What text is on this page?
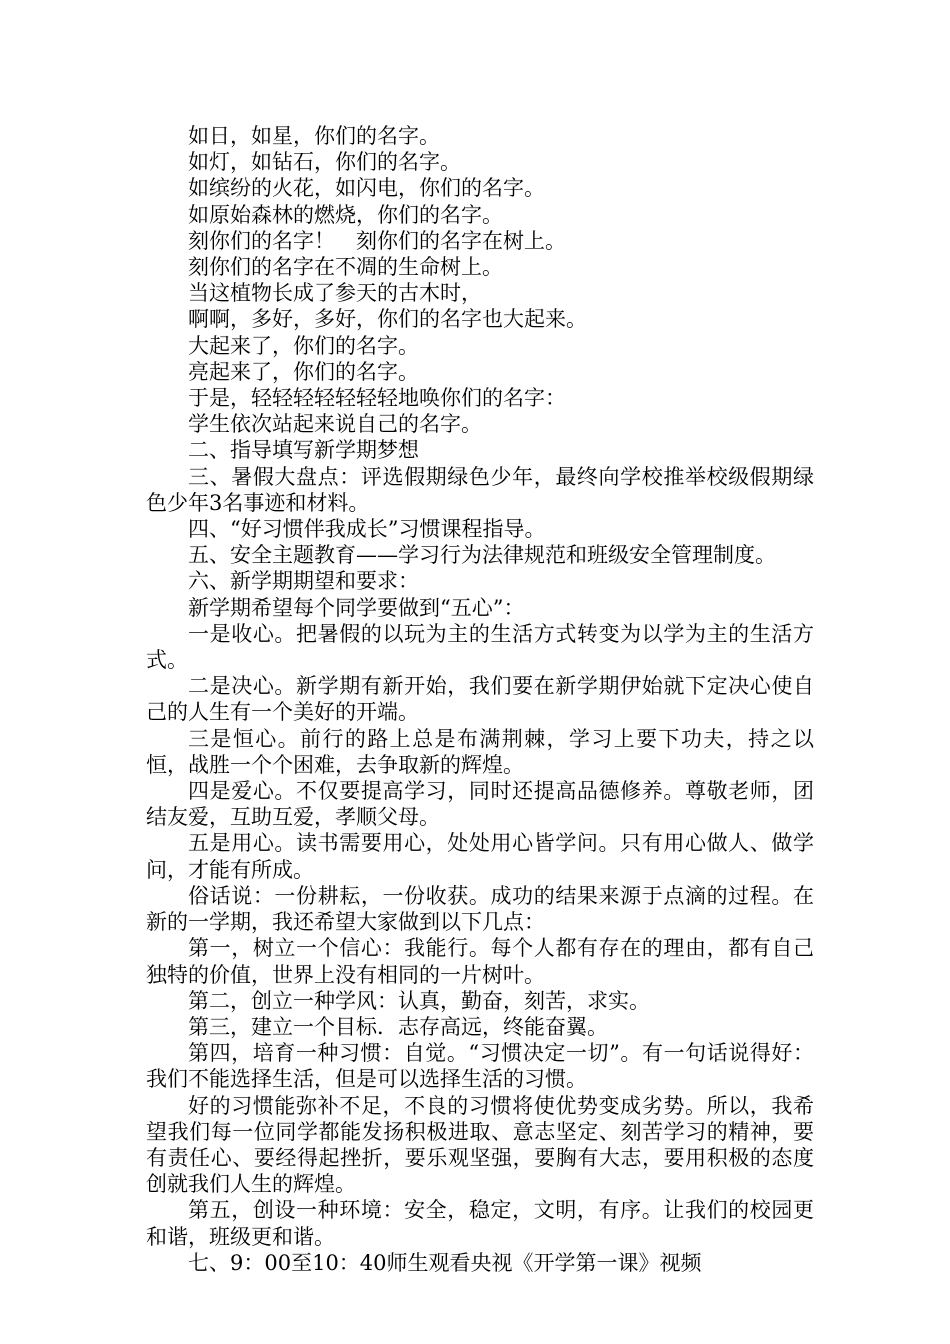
如日，如星，你们的名字。

如灯，如钻石，你们的名字。

如缤纷的火花，如闪电，你们的名字。

如原始森林的燃烧，你们的名字。

刻你们的名字！　刻你们的名字在树上。

刻你们的名字在不凋的生命树上。

当这植物长成了参天的古木时，

啊啊，多好，多好，你们的名字也大起来。

大起来了，你们的名字。

亮起来了，你们的名字。

于是，轻轻轻轻轻轻轻地唤你们的名字：

学生依次站起来说自己的名字。

二、指导填写新学期梦想

三、暑假大盘点：评选假期绿色少年，最终向学校推举校级假期绿色少年3名事迹和材料。

四、“好习惯伴我成长”习惯课程指导。

五、安全主题教育——学习行为法律规范和班级安全管理制度。

六、新学期期望和要求：

新学期希望每个同学要做到“五心”：

一是收心。把暑假的以玩为主的生活方式转变为以学为主的生活方式。

二是决心。新学期有新开始，我们要在新学期伊始就下定决心使自己的人生有一个美好的开端。

三是恒心。前行的路上总是布满荆棘，学习上要下功夫，持之以恒，战胜一个个困难，去争取新的辉煌。

四是爱心。不仅要提高学习，同时还提高品德修养。尊敬老师，团结友爱，互助互爱，孝顺父母。

五是用心。读书需要用心，处处用心皆学问。只有用心做人、做学问，才能有所成。

俗话说：一份耕耘，一份收获。成功的结果来源于点滴的过程。在新的一学期，我还希望大家做到以下几点：

第一，树立一个信心：我能行。每个人都有存在的理由，都有自己独特的价值，世界上没有相同的一片树叶。

第二，创立一种学风：认真，勤奋，刻苦，求实。

第三，建立一个目标．志存高远，终能奋翼。

第四，培育一种习惯：自觉。“习惯决定一切”。有一句话说得好：我们不能选择生活，但是可以选择生活的习惯。

好的习惯能弥补不足，不良的习惯将使优势变成劣势。所以，我希望我们每一位同学都能发扬积极进取、意志坚定、刻苦学习的精神，要有责任心、要经得起挫折，要乐观坚强，要胸有大志，要用积极的态度创就我们人生的辉煌。

第五，创设一种环境：安全，稳定，文明，有序。让我们的校园更和谐，班级更和谐。

七、9：00至10：40师生观看央视《开学第一课》视频
